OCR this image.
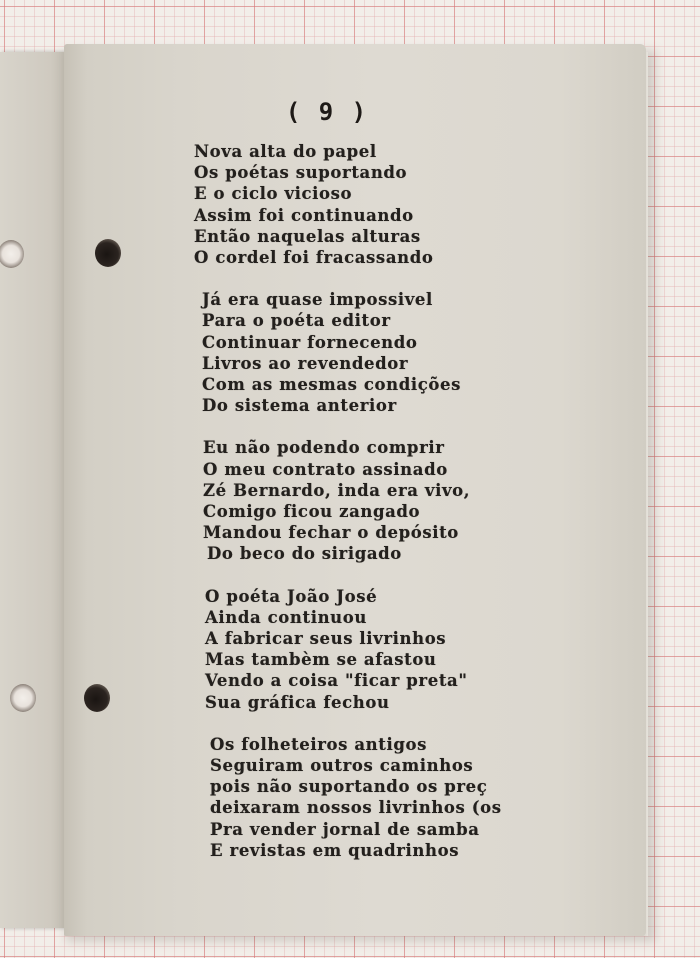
( 9 )
Nova alta do papel
Os poétas suportando
E o ciclo vicioso
Assim foi continuando
Então naquelas alturas
O cordel foi fracassando
Já era quase impossivel
Para o poéta editor
Continuar fornecendo
Livros ao revendedor
Com as mesmas condições
Do sistema anterior
Eu não podendo comprir
O meu contrato assinado
Zé Bernardo, inda era vivo,
Comigo ficou zangado
Mandou fechar o depósito
Do beco do sirigado
O poéta João José
Ainda continuou
A fabricar seus livrinhos
Mas tambèm se afastou
Vendo a coisa "ficar preta"
Sua gráfica fechou
Os folheteiros antigos
Seguiram outros caminhos
pois não suportando os preç
deixaram nossos livrinhos (os
Pra vender jornal de samba
E revistas em quadrinhos
